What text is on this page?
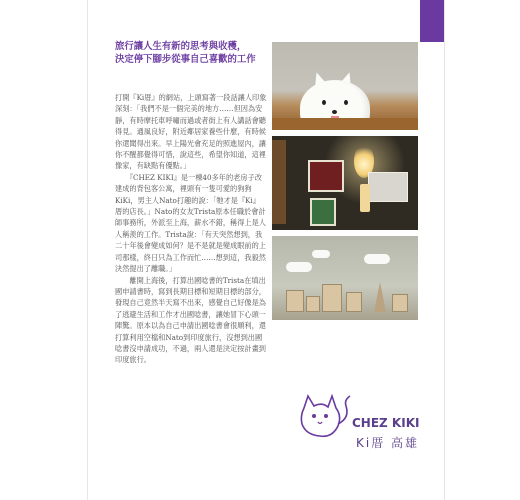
旅行讓人生有新的思考與收穫，
決定停下腳步從事自己喜歡的工作
打開『Ki厝』的網站，上頭寫著一段話讓人印象深刻：「我們不是一個完美的地方……但因為安靜，有時摩托車呼嘯而過或者街上有人講話會聽得見。通風良好，附近鄰居家養些什麼，有時候你還聞得出來。早上陽光會充足的照進屋內，讓你不醒都覺得可惜，說這些，希望你知道，這裡像家，有缺點有優點。」
　　『CHEZ KIKI』是一棟40多年的老房子改建成的背包客公寓，裡頭有一隻可愛的狗狗KiKi，男主人Nato打趣的說：「牠才是『Ki』厝的店長。」Nato的女友Trista原本任職於會計師事務所，外派至上海，薪水不錯，稱得上是人人稱羨的工作。Trista說：「有天突然想到，我二十年後會變成如何？是不是就是變成眼前的上司那樣，終日只為工作而忙……想到這，我毅然決然提出了離職。」
　　離開上海後，打算出國唸書的Trista在填出國申請書時，寫到長期目標和短期目標的部分，發現自己竟然半天寫不出來，感覺自己好像是為了逃避生活和工作才出國唸書，讓她冒下心頭一陣驚。原本以為自己申請出國唸書會很順利，還打算利用空檔和Nato到印度旅行，沒想到出國唸書沒申請成功，不過，兩人還是決定按計畫到印度旅行。
CHEZ KIKI
Ki厝 高雄
